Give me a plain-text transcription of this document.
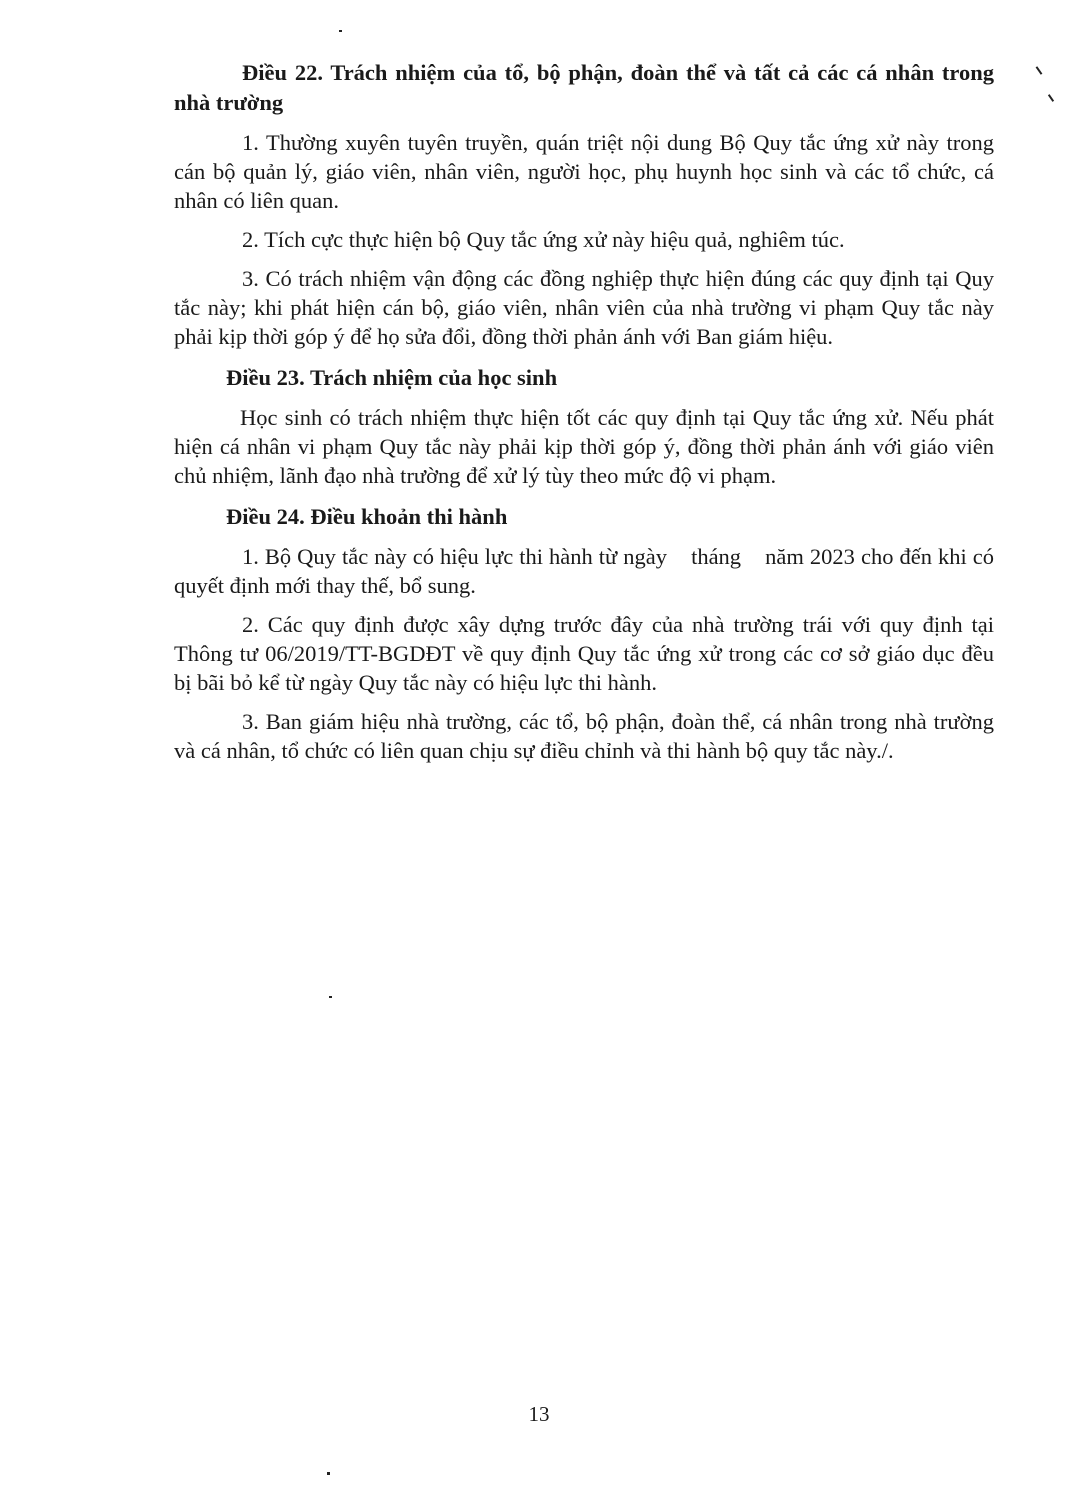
Điều 22. Trách nhiệm của tổ, bộ phận, đoàn thể và tất cả các cá nhân trong nhà trường
1. Thường xuyên tuyên truyền, quán triệt nội dung Bộ Quy tắc ứng xử này trong cán bộ quản lý, giáo viên, nhân viên, người học, phụ huynh học sinh và các tổ chức, cá nhân có liên quan.
2. Tích cực thực hiện bộ Quy tắc ứng xử này hiệu quả, nghiêm túc.
3. Có trách nhiệm vận động các đồng nghiệp thực hiện đúng các quy định tại Quy tắc này; khi phát hiện cán bộ, giáo viên, nhân viên của nhà trường vi phạm Quy tắc này phải kịp thời góp ý để họ sửa đổi, đồng thời phản ánh với Ban giám hiệu.
Điều 23. Trách nhiệm của học sinh
Học sinh có trách nhiệm thực hiện tốt các quy định tại Quy tắc ứng xử. Nếu phát hiện cá nhân vi phạm Quy tắc này phải kịp thời góp ý, đồng thời phản ánh với giáo viên chủ nhiệm, lãnh đạo nhà trường để xử lý tùy theo mức độ vi phạm.
Điều 24. Điều khoản thi hành
1. Bộ Quy tắc này có hiệu lực thi hành từ ngày    tháng    năm 2023 cho đến khi có quyết định mới thay thế, bổ sung.
2. Các quy định được xây dựng trước đây của nhà trường trái với quy định tại Thông tư 06/2019/TT-BGDĐT về quy định Quy tắc ứng xử trong các cơ sở giáo dục đều bị bãi bỏ kể từ ngày Quy tắc này có hiệu lực thi hành.
3. Ban giám hiệu nhà trường, các tổ, bộ phận, đoàn thể, cá nhân trong nhà trường và cá nhân, tổ chức có liên quan chịu sự điều chỉnh và thi hành bộ quy tắc này./.
13
